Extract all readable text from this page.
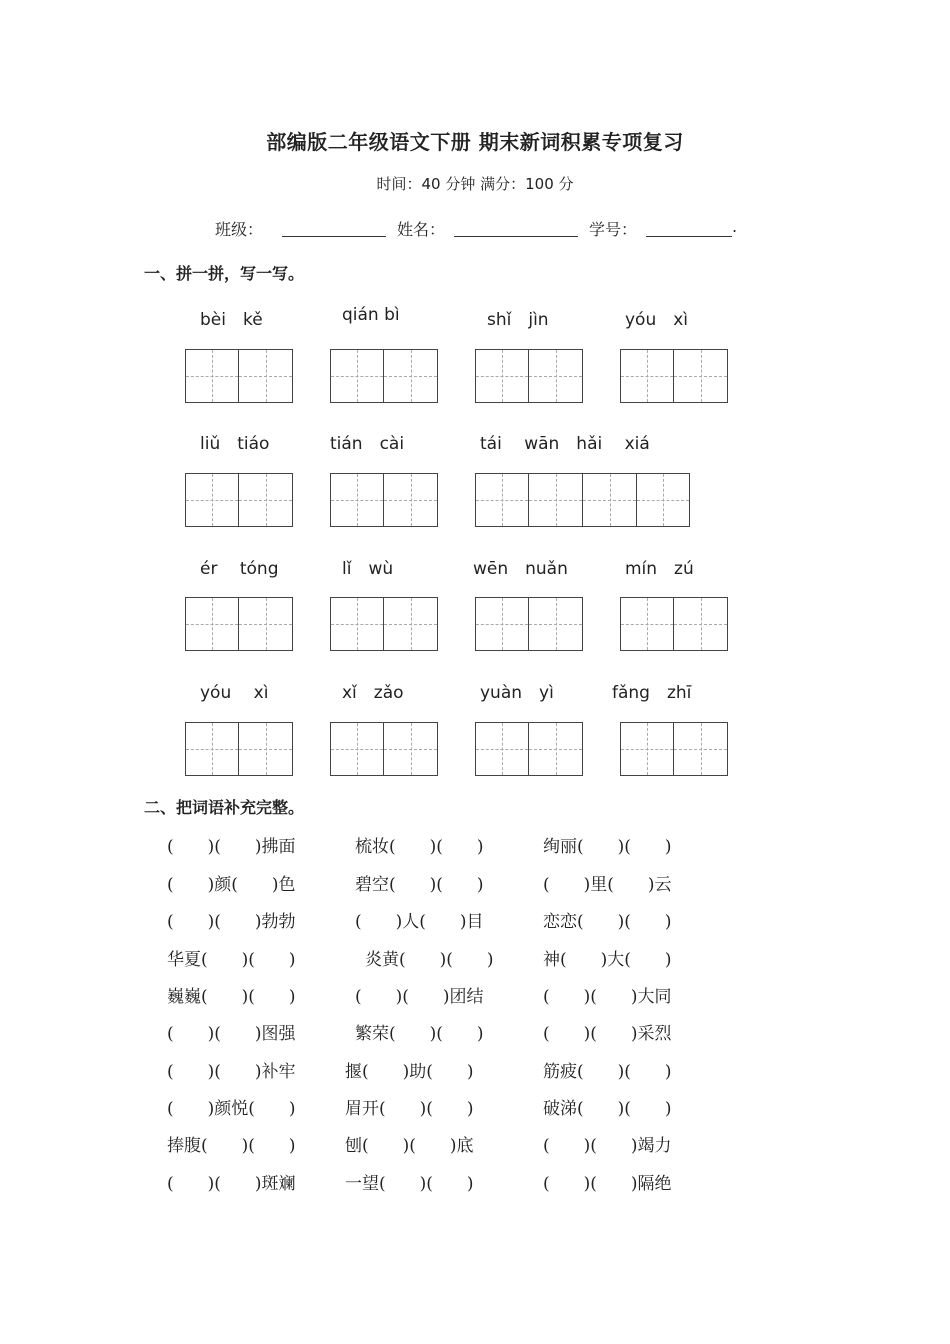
部编版二年级语文下册 期末新词积累专项复习
时间：40 分钟 满分：100 分
班级：	姓名：	学号：	.
一、拼一拼，写一写。
bèi　kě	qián bì	shǐ　jìn	yóu　xì
liǔ　tiáo	tián　cài	tái　 wān　hǎi　 xiá
ér　 tóng	lǐ　wù	wēn　nuǎn	mín　zú
yóu　 xì	xǐ　zǎo	yuàn　yì	fǎng　zhī
二、把词语补充完整。
(　　)(　　)拂面	梳妆(　　)(　　)	绚丽(　　)(　　)
(　　)颜(　　)色	碧空(　　)(　　)	(　　)里(　　)云
(　　)(　　)勃勃	(　　)人(　　)目	恋恋(　　)(　　)
华夏(　　)(　　)	炎黄(　　)(　　)	神(　　)大(　　)
巍巍(　　)(　　)	(　　)(　　)团结	(　　)(　　)大同
(　　)(　　)图强	繁荣(　　)(　　)	(　　)(　　)采烈
(　　)(　　)补牢	揠(　　)助(　　)	筋疲(　　)(　　)
(　　)颜悦(　　)	眉开(　　)(　　)	破涕(　　)(　　)
捧腹(　　)(　　)	刨(　　)(　　)底	(　　)(　　)竭力
(　　)(　　)斑斓	一望(　　)(　　)	(　　)(　　)隔绝
